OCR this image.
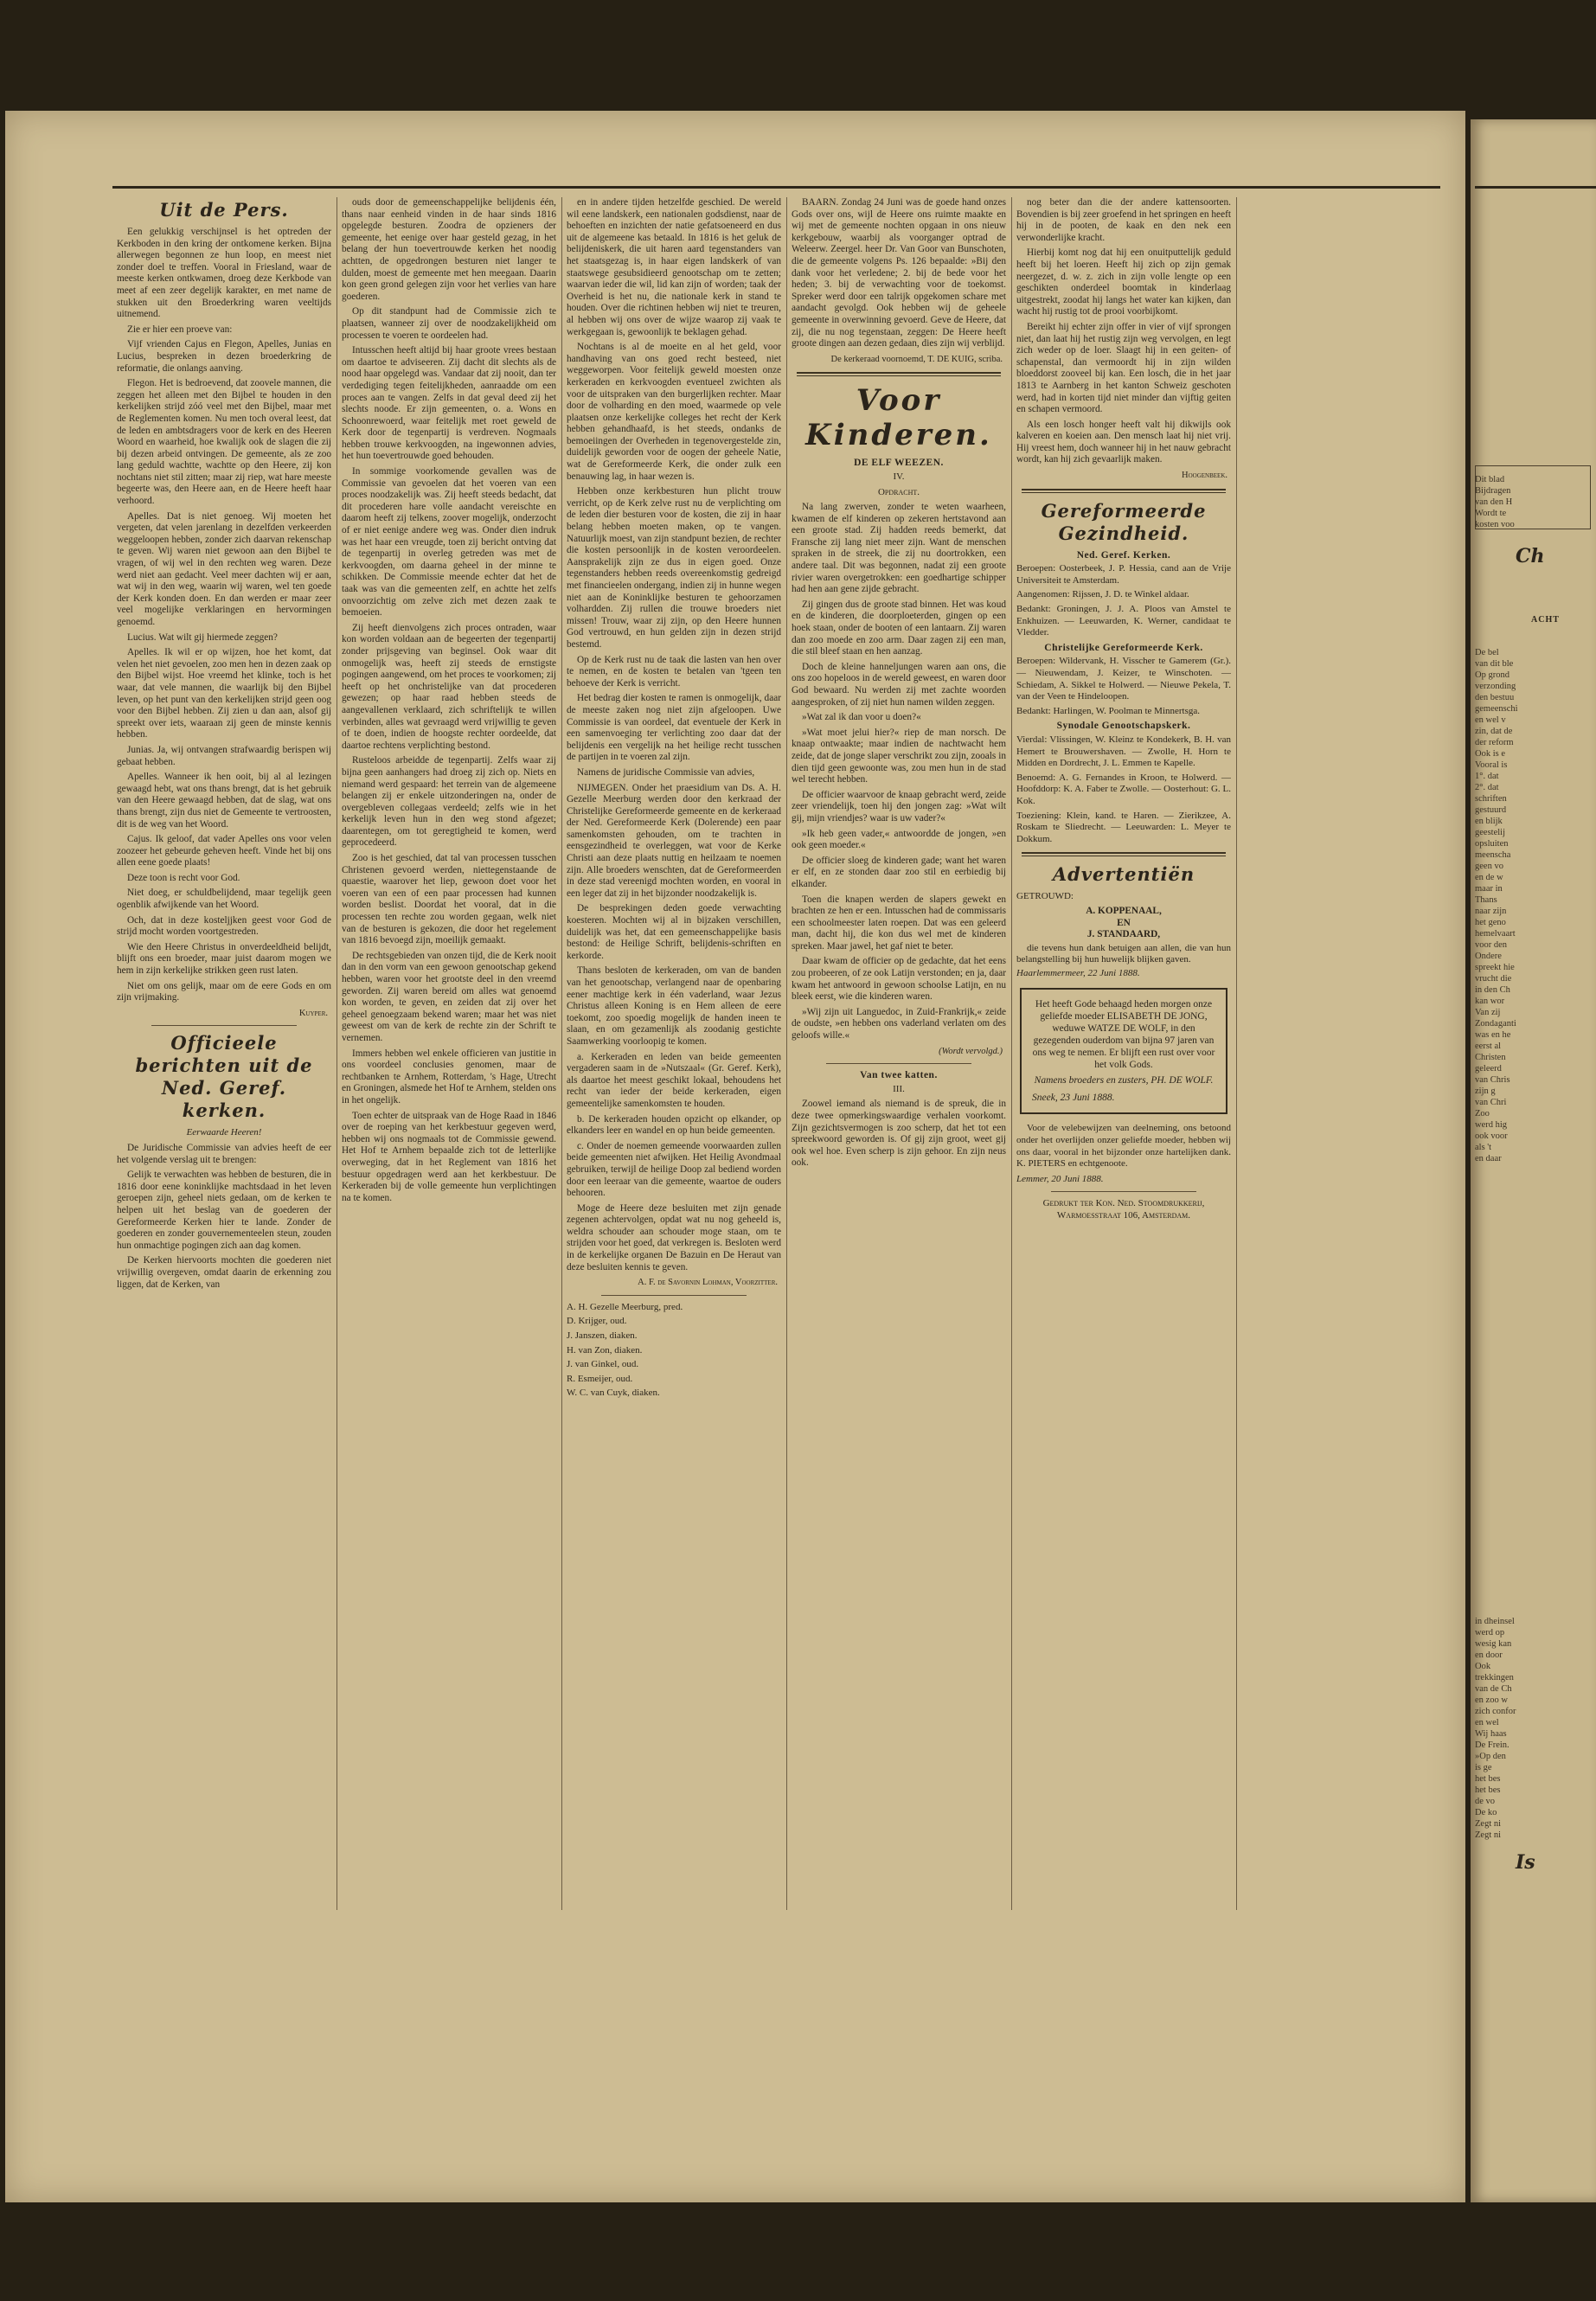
Uit de Pers.

Een gelukkig verschijnsel is het optreden der Kerkboden in den kring der ontkomene kerken. Bijna allerwegen begonnen ze hun loop, en meest niet zonder doel te treffen. Vooral in Friesland, waar de meeste kerken ontkwamen, droeg deze Kerkbode van meet af een zeer degelijk karakter, en met name de stukken uit den Broederkring waren veeltijds uitnemend.

Zie er hier een proeve van:

Vijf vrienden Cajus en Flegon, Apelles, Junias en Lucius, bespreken in dezen broederkring de reformatie, die onlangs aanving.

Flegon. Het is bedroevend, dat zoovele mannen, die zeggen het alleen met den Bijbel te houden in den kerkelijken strijd zóó veel met den Bijbel, maar met de Reglementen komen. Nu men toch overal leest, dat de leden en ambtsdragers voor de kerk en des Heeren Woord en waarheid, hoe kwalijk ook de slagen die zij bij dezen arbeid ontvingen. De gemeente, als ze zoo lang geduld wachtte, wachtte op den Heere, zij kon nochtans niet stil zitten; maar zij riep, wat hare meeste begeerte was, den Heere aan, en de Heere heeft haar verhoord.

Apelles. Dat is niet genoeg. Wij moeten het vergeten, dat velen jarenlang in dezelfden verkeerden weggeloopen hebben, zonder zich daarvan rekenschap te geven. Wij waren niet gewoon aan den Bijbel te vragen, of wij wel in den rechten weg waren. Deze werd niet aan gedacht. Veel meer dachten wij er aan, wat wij in den weg, waarin wij waren, wel ten goede der Kerk konden doen. En dan werden er maar zeer veel mogelijke verklaringen en hervormingen genoemd.

Lucius. Wat wilt gij hiermede zeggen?

Apelles. Ik wil er op wijzen, hoe het komt, dat velen het niet gevoelen, zoo men hen in dezen zaak op den Bijbel wijst. Hoe vreemd het klinke, toch is het waar, dat vele mannen, die waarlijk bij den Bijbel leven, op het punt van den kerkelijken strijd geen oog voor den Bijbel hebben. Zij zien u dan aan, alsof gij spreekt over iets, waaraan zij geen de minste kennis hebben.

Junias. Ja, wij ontvangen strafwaardig berispen wij gebaat hebben.

Apelles. Wanneer ik hen ooit, bij al al lezingen gewaagd hebt, wat ons thans brengt, dat is het gebruik van den Heere gewaagd hebben, dat de slag, wat ons thans brengt, zijn dus niet de Gemeente te vertroosten, dit is de weg van het Woord.

Cajus. Ik geloof, dat vader Apelles ons voor velen zoozeer het gebeurde geheven heeft. Vinde het bij ons allen eene goede plaats!

Deze toon is recht voor God.

Niet doeg, er schuldbelijdend, maar tegelijk geen ogenblik afwijkende van het Woord.

Och, dat in deze kosteljjken geest voor God de strijd mocht worden voortgestreden.

Wie den Heere Christus in onverdeeldheid belijdt, blijft ons een broeder, maar juist daarom mogen we hem in zijn kerkelijke strikken geen rust laten.

Niet om ons gelijk, maar om de eere Gods en om zijn vrijmaking.

Kuyper.
Officieele berichten uit de Ned. Geref. kerken.
Eerwaarde Heeren!

De Juridische Commissie van advies heeft de eer het volgende verslag uit te brengen:

Gelijk te verwachten was hebben de besturen, die in 1816 door eene koninklijke machtsdaad in het leven geroepen zijn, geheel niets gedaan, om de kerken te helpen uit het beslag van de goederen der Gereformeerde Kerken hier te lande. Zonder de goederen en zonder gouvernementeelen steun, zouden hun onmachtige pogingen zich aan dag komen.

De Kerken hiervoorts mochten die goederen niet vrijwillig overgeven, omdat daarin de erkenning zou liggen, dat de Kerken, van

ouds door de gemeenschappelijke belijdenis één, thans naar eenheid vinden in de haar sinds 1816 opgelegde besturen. Zoodra de opzieners der gemeente, het eenige over haar gesteld gezag, in het belang der hun toevertrouwde kerken het noodig achtten, de opgedrongen besturen niet langer te dulden, moest de gemeente met hen meegaan. Daarin kon geen grond gelegen zijn voor het verlies van hare goederen.

Op dit standpunt had de Commissie zich te plaatsen, wanneer zij over de noodzakelijkheid om processen te voeren te oordeelen had.

Intusschen heeft altijd bij haar groote vrees bestaan om daartoe te adviseeren. Zij dacht dit slechts als de nood haar opgelegd was. Vandaar dat zij nooit, dan ter verdediging tegen feitelijkheden, aanraadde om een proces aan te vangen. Zelfs in dat geval deed zij het slechts noode. Er zijn gemeenten, o. a. Wons en Schoonrewoerd, waar feitelijk met roet geweld de Kerk door de tegenpartij is verdreven. Nogmaals hebben trouwe kerkvoogden, na ingewonnen advies, het hun toevertrouwde goed behouden.

In sommige voorkomende gevallen was de Commissie van gevoelen dat het voeren van een proces noodzakelijk was. Zij heeft steeds bedacht, dat dit procederen hare volle aandacht vereischte en daarom heeft zij telkens, zoover mogelijk, onderzocht of er niet eenige andere weg was. Onder dien indruk was het haar een vreugde, toen zij bericht ontving dat de tegenpartij in overleg getreden was met de kerkvoogden, om daarna geheel in der minne te schikken. De Commissie meende echter dat het de taak was van die gemeenten zelf, en achtte het zelfs onvoorzichtig om zelve zich met dezen zaak te bemoeien.

Zij heeft dienvolgens zich proces ontraden, waar kon worden voldaan aan de begeerten der tegenpartij zonder prijsgeving van beginsel. Ook waar dit onmogelijk was, heeft zij steeds de ernstigste pogingen aangewend, om het proces te voorkomen; zij heeft op het onchristelijke van dat procederen gewezen; op haar raad hebben steeds de aangevallenen verklaard, zich schriftelijk te willen verbinden, alles wat gevraagd werd vrijwillig te geven of te doen, indien de hoogste rechter oordeelde, dat daartoe rechtens verplichting bestond.

Rusteloos arbeidde de tegenpartij. Zelfs waar zij bijna geen aanhangers had droeg zij zich op. Niets en niemand werd gespaard: het terrein van de algemeene belangen zij er enkele uitzonderingen na, onder de overgebleven collegaas verdeeld; zelfs wie in het kerkelijk leven hun in den weg stond afgezet; daarentegen, om tot geregtigheid te komen, werd geprocedeerd.

Zoo is het geschied, dat tal van processen tusschen Christenen gevoerd werden, niettegenstaande de quaestie, waarover het liep, gewoon doet voor het voeren van een of een paar processen had kunnen worden beslist. Doordat het vooral, dat in die processen ten rechte zou worden gegaan, welk niet van de besturen is gekozen, die door het regelement van 1816 bevoegd zijn, moeilijk gemaakt.

De rechtsgebieden van onzen tijd, die de Kerk nooit dan in den vorm van een gewoon genootschap gekend hebben, waren voor het grootste deel in den vreemd geworden. Zij waren bereid om alles wat genoemd kon worden, te geven, en zeiden dat zij over het geheel genoegzaam bekend waren; maar het was niet geweest om van de kerk de rechte zin der Schrift te vernemen.

Immers hebben wel enkele officieren van justitie in ons voordeel conclusies genomen, maar de rechtbanken te Arnhem, Rotterdam, 's Hage, Utrecht en Groningen, alsmede het Hof te Arnhem, stelden ons in het ongelijk.

Toen echter de uitspraak van de Hoge Raad in 1846 over de roeping van het kerkbestuur gegeven werd, hebben wij ons nogmaals tot de Commissie gewend. Het Hof te Arnhem bepaalde zich tot de letterlijke overweging, dat in het Reglement van 1816 het bestuur opgedragen werd aan het kerkbestuur. De Kerkeraden bij de volle gemeente hun verplichtingen na te komen.

en in andere tijden hetzelfde geschied. De wereld wil eene landskerk, een nationalen godsdienst, naar de behoeften en inzichten der natie gefatsoeneerd en dus uit de algemeene kas betaald. In 1816 is het geluk de belijdeniskerk, die uit haren aard tegenstanders van het staatsgezag is, in haar eigen landskerk of van staatswege gesubsidieerd genootschap om te zetten; waarvan ieder die wil, lid kan zijn of worden; taak der Overheid is het nu, die nationale kerk in stand te houden. Over die richtinen hebben wij niet te treuren, al hebben wij ons over de wijze waarop zij vaak te werkgegaan is, gewoonlijk te beklagen gehad.

Nochtans is al de moeite en al het geld, voor handhaving van ons goed recht besteed, niet weggeworpen. Voor feitelijk geweld moesten onze kerkeraden en kerkvoogden eventueel zwichten als voor de uitspraken van den burgerlijken rechter. Maar door de volharding en den moed, waarmede op vele plaatsen onze kerkelijke colleges het recht der Kerk hebben gehandhaafd, is het steeds, ondanks de bemoeiingen der Overheden in tegenovergestelde zin, duidelijk geworden voor de oogen der geheele Natie, wat de Gereformeerde Kerk, die onder zulk een benauwing lag, in haar wezen is.

Hebben onze kerkbesturen hun plicht trouw verricht, op de Kerk zelve rust nu de verplichting om de leden dier besturen voor de kosten, die zij in haar belang hebben moeten maken, op te vangen. Natuurlijk moest, van zijn standpunt bezien, de rechter die kosten persoonlijk in de kosten veroordeelen. Aansprakelijk zijn ze dus in eigen goed. Onze tegenstanders hebben reeds overeenkomstig gedreigd met financieelen ondergang, indien zij in hunne wegen niet aan de Koninklijke besturen te gehoorzamen volhardden. Zij rullen die trouwe broeders niet missen! Trouw, waar zij zijn, op den Heere hunnen God vertrouwd, en hun gelden zijn in dezen strijd bestemd.

Op de Kerk rust nu de taak die lasten van hen over te nemen, en de kosten te betalen van 'tgeen ten behoeve der Kerk is verricht.

Het bedrag dier kosten te ramen is onmogelijk, daar de meeste zaken nog niet zijn afgeloopen. Uwe Commissie is van oordeel, dat eventuele der Kerk in een samenvoeging ter verlichting zoo daar dat der belijdenis een vergelijk na het heilige recht tusschen de partijen in te voeren zal zijn.

Namens de juridische Commissie van advies,

NIJMEGEN. Onder het praesidium van Ds. A. H. Gezelle Meerburg werden door den kerkraad der Christelijke Gereformeerde gemeente en de kerkeraad der Ned. Gereformeerde Kerk (Dolerende) een paar samenkomsten gehouden, om te trachten in eensgezindheid te overleggen, wat voor de Kerke Christi aan deze plaats nuttig en heilzaam te noemen zijn. Alle broeders wenschten, dat de Gereformeerden in deze stad vereenigd mochten worden, en vooral in een leger dat zij in het bijzonder noodzakelijk is.

De besprekingen deden goede verwachting koesteren. Mochten wij al in bijzaken verschillen, duidelijk was het, dat een gemeenschappelijke basis bestond: de Heilige Schrift, belijdenis-schriften en kerkorde.

Thans besloten de kerkeraden, om van de banden van het genootschap, verlangend naar de openbaring eener machtige kerk in één vaderland, waar Jezus Christus alleen Koning is en Hem alleen de eere toekomt, zoo spoedig mogelijk de handen ineen te slaan, en om gezamenlijk als zoodanig gestichte Saamwerking voorloopig te komen.

a. Kerkeraden en leden van beide gemeenten vergaderen saam in de »Nutszaal« (Gr. Geref. Kerk), als daartoe het meest geschikt lokaal, behoudens het recht van ieder der beide kerkeraden, eigen gemeentelijke samenkomsten te houden.

b. De kerkeraden houden opzicht op elkander, op elkanders leer en wandel en op hun beide gemeenten.

c. Onder de noemen gemeende voorwaarden zullen beide gemeenten niet afwijken. Het Heilig Avondmaal gebruiken, terwijl de heilige Doop zal bediend worden door een leeraar van die gemeente, waartoe de ouders behooren.

Moge de Heere deze besluiten met zijn genade zegenen achtervolgen, opdat wat nu nog geheeld is, weldra schouder aan schouder moge staan, om te strijden voor het goed, dat verkregen is. Besloten werd in de kerkelijke organen De Bazuin en De Heraut van deze besluiten kennis te geven.

A. F. de Savornin Lohman, Voorzitter.
A. H. Gezelle Meerburg, pred.
D. Krijger, oud.
J. Janszen, diaken.
H. van Zon, diaken.
J. van Ginkel, oud.
R. Esmeijer, oud.
W. C. van Cuyk, diaken.

BAARN. Zondag 24 Juni was de goede hand onzes Gods over ons, wijl de Heere ons ruimte maakte en wij met de gemeente nochten opgaan in ons nieuw kerkgebouw, waarbij als voorganger optrad de Weleerw. Zeergel. heer Dr. Van Goor van Bunschoten, die de gemeente volgens Ps. 126 bepaalde: »Bij den dank voor het verledene; 2. bij de bede voor het heden; 3. bij de verwachting voor de toekomst. Spreker werd door een talrijk opgekomen schare met aandacht gevolgd. Ook hebben wij de geheele gemeente in overwinning gevoerd. Geve de Heere, dat zij, die nu nog tegenstaan, zeggen: De Heere heeft groote dingen aan dezen gedaan, dies zijn wij verblijd.

De kerkeraad voornoemd, T. DE KUIG, scriba.
Voor Kinderen.
DE ELF WEEZEN.
IV.
Opdracht.

Na lang zwerven, zonder te weten waarheen, kwamen de elf kinderen op zekeren hertstavond aan een groote stad. Zij hadden reeds bemerkt, dat Fransche zij lang niet meer zijn. Want de menschen spraken in de streek, die zij nu doortrokken, een andere taal. Dit was begonnen, nadat zij een groote rivier waren overgetrokken: een goedhartige schipper had hen aan gene zijde gebracht.

Zij gingen dus de groote stad binnen. Het was koud en de kinderen, die doorploeterden, gingen op een hoek staan, onder de booten of een lantaarn. Zij waren dan zoo moede en zoo arm. Daar zagen zij een man, die stil bleef staan en hen aanzag.

Doch de kleine hanneljungen waren aan ons, die ons zoo hopeloos in de wereld geweest, en waren door God bewaard. Nu werden zij met zachte woorden aangesproken, of zij niet hun namen wilden zeggen.

»Wat zal ik dan voor u doen?«

»Wat moet jelui hier?« riep de man norsch. De knaap ontwaakte; maar indien de nachtwacht hem zeide, dat de jonge slaper verschrikt zou zijn, zooals in dien tijd geen gewoonte was, zou men hun in de stad wel terecht hebben.

De officier waarvoor de knaap gebracht werd, zeide zeer vriendelijk, toen hij den jongen zag: »Wat wilt gij, mijn vriendjes? waar is uw vader?«

»Ik heb geen vader,« antwoordde de jongen, »en ook geen moeder.«

De officier sloeg de kinderen gade; want het waren er elf, en ze stonden daar zoo stil en eerbiedig bij elkander.

Toen die knapen werden de slapers gewekt en brachten ze hen er een. Intusschen had de commissaris een schoolmeester laten roepen. Dat was een geleerd man, dacht hij, die kon dus wel met de kinderen spreken. Maar jawel, het gaf niet te beter.

Daar kwam de officier op de gedachte, dat het eens zou probeeren, of ze ook Latijn verstonden; en ja, daar kwam het antwoord in gewoon schoolse Latijn, en nu bleek eerst, wie die kinderen waren.

»Wij zijn uit Languedoc, in Zuid-Frankrijk,« zeide de oudste, »en hebben ons vaderland verlaten om des geloofs wille.«

(Wordt vervolgd.)
Van twee katten.
III.

Zoowel iemand als niemand is de spreuk, die in deze twee opmerkingswaardige verhalen voorkomt. Zijn gezichtsvermogen is zoo scherp, dat het tot een spreekwoord geworden is. Of gij zijn groot, weet gij ook wel hoe. Even scherp is zijn gehoor. En zijn neus ook.

nog beter dan die der andere kattensoorten. Bovendien is bij zeer groefend in het springen en heeft hij in de pooten, de kaak en den nek een verwonderlijke kracht.

Hierbij komt nog dat hij een onuitputtelijk geduld heeft bij het loeren. Heeft hij zich op zijn gemak neergezet, d. w. z. zich in zijn volle lengte op een geschikten onderdeel boomtak in kinderlaag uitgestrekt, zoodat hij langs het water kan kijken, dan wacht hij rustig tot de prooi voorbijkomt.

Bereikt hij echter zijn offer in vier of vijf sprongen niet, dan laat hij het rustig zijn weg vervolgen, en legt zich weder op de loer. Slaagt hij in een geiten- of schapenstal, dan vermoordt hij in zijn wilden bloeddorst zooveel bij kan. Een losch, die in het jaar 1813 te Aarnberg in het kanton Schweiz geschoten werd, had in korten tijd niet minder dan vijftig geiten en schapen vermoord.

Als een losch honger heeft valt hij dikwijls ook kalveren en koeien aan. Den mensch laat hij niet vrij. Hij vreest hem, doch wanneer hij in het nauw gebracht wordt, kan hij zich gevaarlijk maken.

Hoogenbeek.
Gereformeerde Gezindheid.
Ned. Geref. Kerken.
Beroepen: Oosterbeek, J. P. Hessia, cand aan de Vrije Universiteit te Amsterdam.
Aangenomen: Rijssen, J. D. te Winkel aldaar.
Bedankt: Groningen, J. J. A. Ploos van Amstel te Enkhuizen. — Leeuwarden, K. Werner, candidaat te Vledder.
Christelijke Gereformeerde Kerk.
Beroepen: Wildervank, H. Visscher te Gamerem (Gr.). — Nieuwendam, J. Keizer, te Winschoten. — Schiedam, A. Sikkel te Holwerd. — Nieuwe Pekela, T. van der Veen te Hindeloopen.
Bedankt: Harlingen, W. Poolman te Minnertsga.
Synodale Genootschapskerk.
Vierdal: Vlissingen, W. Kleinz te Kondekerk, B. H. van Hemert te Brouwershaven. — Zwolle, H. Horn te Midden en Dordrecht, J. L. Emmen te Kapelle.
Benoemd: A. G. Fernandes in Kroon, te Holwerd. — Hoofddorp: K. A. Faber te Zwolle. — Oosterhout: G. L. Kok.
Toeziening: Klein, kand. te Haren. — Zierikzee, A. Roskam te Sliedrecht. — Leeuwarden: L. Meyer te Dokkum.
Advertentiën
GETROUWD:
A. KOPPENAAL,
EN
J. STANDAARD,

die tevens hun dank betuigen aan allen, die van hun belangstelling bij hun huwelijk blijken gaven.

Haarlemmermeer, 22 Juni 1888.
Het heeft Gode behaagd heden morgen onze geliefde moeder ELISABETH DE JONG, weduwe WATZE DE WOLF, in den gezegenden ouderdom van bijna 97 jaren van ons weg te nemen. Er blijft een rust over voor het volk Gods.
Namens broeders en zusters, PH. DE WOLF.
Sneek, 23 Juni 1888.

Voor de velebewijzen van deelneming, ons betoond onder het overlijden onzer geliefde moeder, hebben wij ons daar, vooral in het bijzonder onze hartelijken dank. K. PIETERS en echtgenoote.

Lemmer, 20 Juni 1888.
Gedrukt ter Kon. Ned. Stoomdrukkerij, Warmoesstraat 106, Amsterdam.
Dit blad
Bijdragen
van den H
Wordt te
kosten voo
Ch
ACHT
De bel
van dit ble
Op grond
verzonding
den bestuu
gemeenschi
en wel v
zin, dat de
der reform
Ook is e
Vooral is
1°. dat
2°. dat
schriften
gestuurd
en blijk
geestelij
opsluiten
meenscha
geen vo
en de w
maar in
Thans
naar zijn
het geno
hemelvaart
voor den
Ondere
spreekt hie
vrucht die
in den Ch
kan wor
Van zij
Zondaganti
was en he
eerst al
Christen
geleerd
van Chris
zijn g
van Chri
Zoo
werd hig
ook voor
als 't
en daar
in dheinsel
werd op
wesig kan
en door
Ook
trekkingen
van de Ch
en zoo w
zich confor
en wel
Wij haas
De Frein.
»Op den
is ge
het bes
het bes
de vo
De ko
Zegt ni
Zegt ni
Is
